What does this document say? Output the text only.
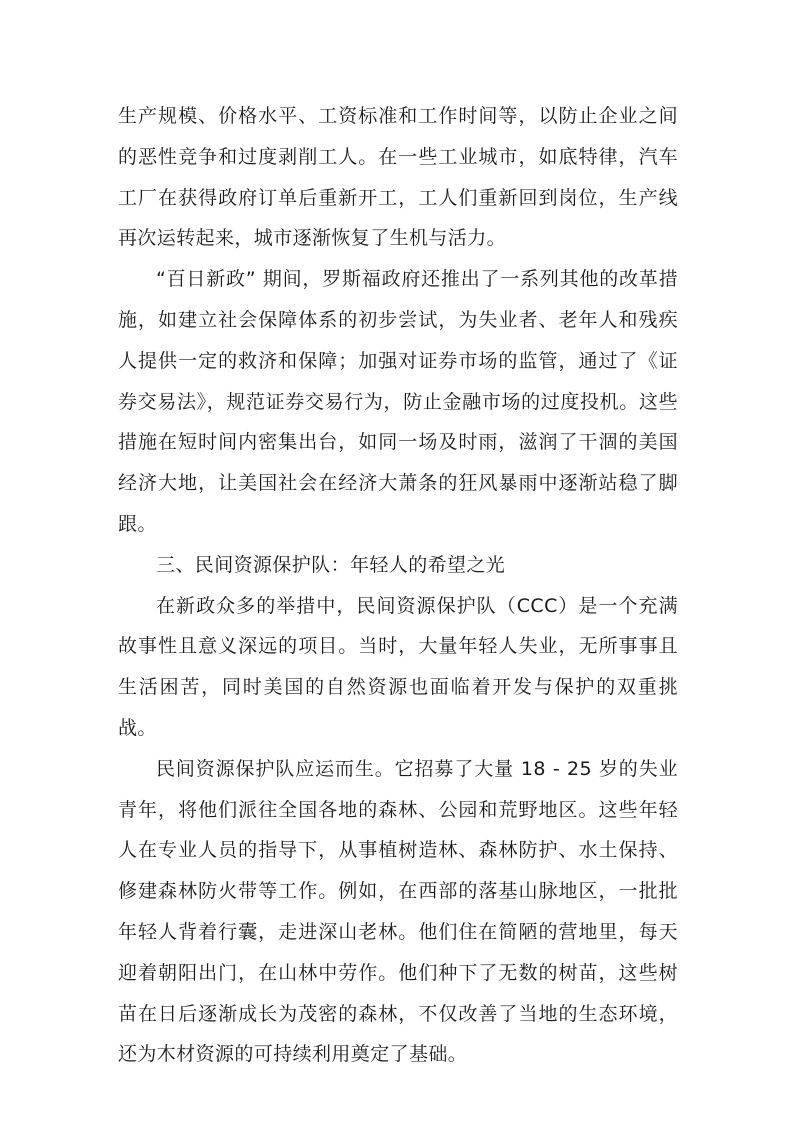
生产规模、价格水平、工资标准和工作时间等，以防止企业之间的恶性竞争和过度剥削工人。在一些工业城市，如底特律，汽车工厂在获得政府订单后重新开工，工人们重新回到岗位，生产线再次运转起来，城市逐渐恢复了生机与活力。

“百日新政” 期间，罗斯福政府还推出了一系列其他的改革措施，如建立社会保障体系的初步尝试，为失业者、老年人和残疾人提供一定的救济和保障；加强对证券市场的监管，通过了《证券交易法》，规范证券交易行为，防止金融市场的过度投机。这些措施在短时间内密集出台，如同一场及时雨，滋润了干涸的美国经济大地，让美国社会在经济大萧条的狂风暴雨中逐渐站稳了脚跟。

三、民间资源保护队：年轻人的希望之光

在新政众多的举措中，民间资源保护队（CCC）是一个充满故事性且意义深远的项目。当时，大量年轻人失业，无所事事且生活困苦，同时美国的自然资源也面临着开发与保护的双重挑战。

民间资源保护队应运而生。它招募了大量 18 - 25 岁的失业青年，将他们派往全国各地的森林、公园和荒野地区。这些年轻人在专业人员的指导下，从事植树造林、森林防护、水土保持、修建森林防火带等工作。例如，在西部的落基山脉地区，一批批年轻人背着行囊，走进深山老林。他们住在简陋的营地里，每天迎着朝阳出门，在山林中劳作。他们种下了无数的树苗，这些树苗在日后逐渐成长为茂密的森林，不仅改善了当地的生态环境，还为木材资源的可持续利用奠定了基础。
